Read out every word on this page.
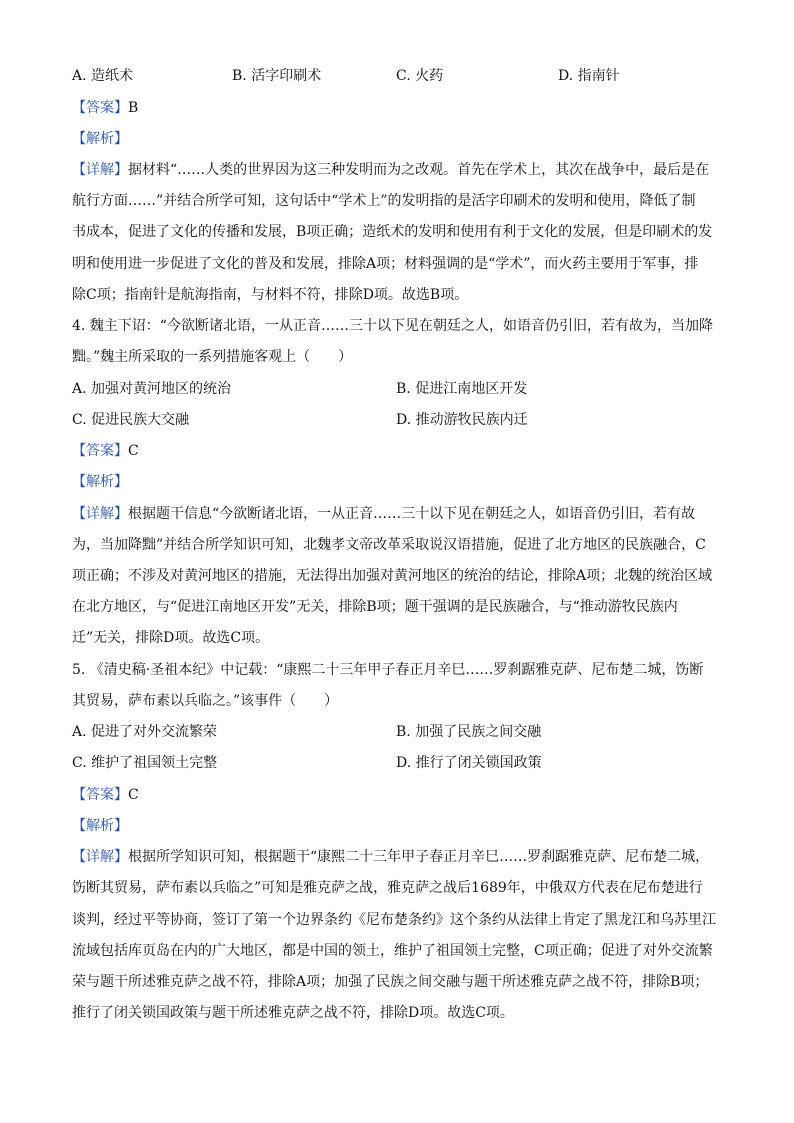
A. 造纸术	B. 活字印刷术	C. 火药	D. 指南针
【答案】B
【解析】
【详解】据材料“……人类的世界因为这三种发明而为之改观。首先在学术上，其次在战争中，最后是在
航行方面……”并结合所学可知，这句话中“学术上”的发明指的是活字印刷术的发明和使用，降低了制
书成本，促进了文化的传播和发展，B项正确；造纸术的发明和使用有利于文化的发展，但是印刷术的发
明和使用进一步促进了文化的普及和发展，排除A项；材料强调的是“学术”，而火药主要用于军事，排
除C项；指南针是航海指南，与材料不符，排除D项。故选B项。
4. 魏主下诏：“今欲断诸北语，一从正音……三十以下见在朝廷之人，如语音仍引旧，若有故为，当加降
黜。”魏主所采取的一系列措施客观上（　　）
A. 加强对黄河地区的统治	B. 促进江南地区开发
C. 促进民族大交融	D. 推动游牧民族内迁
【答案】C
【解析】
【详解】根据题干信息“今欲断诸北语，一从正音……三十以下见在朝廷之人，如语音仍引旧，若有故
为，当加降黜”并结合所学知识可知，北魏孝文帝改革采取说汉语措施，促进了北方地区的民族融合，C
项正确；不涉及对黄河地区的措施，无法得出加强对黄河地区的统治的结论，排除A项；北魏的统治区域
在北方地区，与“促进江南地区开发”无关，排除B项；题干强调的是民族融合，与“推动游牧民族内
迁”无关，排除D项。故选C项。
5. 《清史稿·圣祖本纪》中记载：“康熙二十三年甲子春正月辛巳……罗刹踞雅克萨、尼布楚二城，饬断
其贸易，萨布素以兵临之。”该事件（　　）
A. 促进了对外交流繁荣	B. 加强了民族之间交融
C. 维护了祖国领土完整	D. 推行了闭关锁国政策
【答案】C
【解析】
【详解】根据所学知识可知，根据题干“康熙二十三年甲子春正月辛巳……罗刹踞雅克萨、尼布楚二城，
饬断其贸易，萨布素以兵临之”可知是雅克萨之战，雅克萨之战后1689年，中俄双方代表在尼布楚进行
谈判，经过平等协商，签订了第一个边界条约《尼布楚条约》这个条约从法律上肯定了黑龙江和乌苏里江
流域包括库页岛在内的广大地区，都是中国的领土，维护了祖国领土完整，C项正确；促进了对外交流繁
荣与题干所述雅克萨之战不符，排除A项；加强了民族之间交融与题干所述雅克萨之战不符，排除B项；
推行了闭关锁国政策与题干所述雅克萨之战不符，排除D项。故选C项。
